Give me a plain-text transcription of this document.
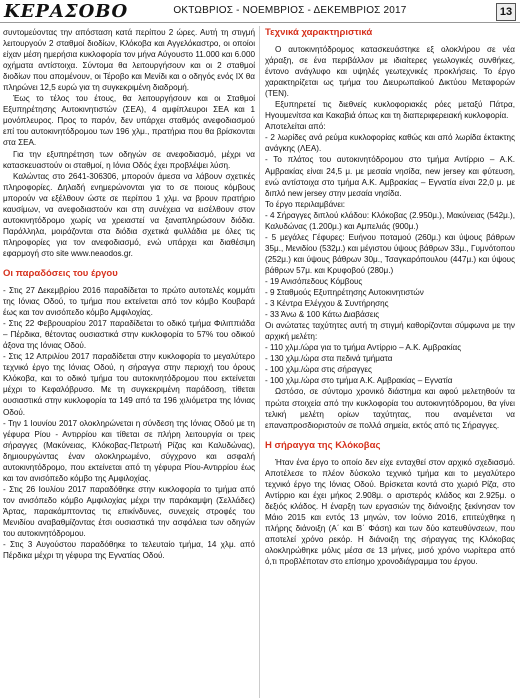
ΚΕΡΑΣΟΒΟ	ΟΚΤΩΒΡΙΟΣ - ΝΟΕΜΒΡΙΟΣ - ΔΕΚΕΜΒΡΙΟΣ 2017	13

συντομεύοντας την απόσταση κατά περίπου 2 ώρες. Αυτή τη στιγμή λειτουργούν 2 σταθμοί διοδίων, Κλόκοβα και Αγγελόκαστρο, οι οποίοι είχαν μέση ημερήσια κυκλοφορία τον μήνα Αύγουστο 11.000 και 6.000 οχήματα αντίστοιχα. Σύντομα θα λειτουργήσουν και οι 2 σταθμοί διοδίων που απομένουν, οι Τέροβο και Μενίδι και ο οδηγός ενός ΙΧ θα πληρώνει 12,5 ευρώ για τη συγκεκριμένη διαδρομή.

Έως το τέλος του έτους, θα λειτουργήσουν και οι Σταθμοί Εξυπηρέτησης Αυτοκινητιστών (ΣΕΑ), 4 αμφίπλευροι ΣΕΑ και 1 μονόπλευρος. Προς το παρόν, δεν υπάρχει σταθμός ανεφοδιασμού επί του αυτοκινητόδρομου των 196 χλμ., πρατήρια που θα βρίσκονται στα ΣΕΑ.

Για την εξυπηρέτηση των οδηγών σε ανεφοδιασμό, μέχρι να κατασκευαστούν οι σταθμοί, η Ιόνια Οδός έχει προβλέψει λύση.

Καλώντας στο 2641-306306, μπορούν άμεσα να λάβουν σχετικές πληροφορίες. Δηλαδή ενημερώνονται για το σε ποιους κόμβους μπορούν να εξέλθουν ώστε σε περίπου 1 χλμ. να βρουν πρατήριο καυσίμων, να ανεφοδιαστούν και στη συνέχεια να εισέλθουν στον αυτοκινητόδρομο χωρίς να χρειαστεί να ξαναπληρώσουν διόδια. Παράλληλα, μοιράζονται στα διόδια σχετικά φυλλάδια με όλες τις πληροφορίες για τον ανεφοδιασμό, ενώ υπάρχει και διαθέσιμη εφαρμογή στο site www.neaodos.gr.

Οι παραδόσεις του έργου

- Στις 27 Δεκεμβρίου 2016 παραδίδεται το πρώτο αυτοτελές κομμάτι της Ιόνιας Οδού, το τμήμα που εκτείνεται από τον κόμβο Κουβαρά έως και τον ανισόπεδο κόμβο Αμφιλοχίας.

- Στις 22 Φεβρουαρίου 2017 παραδίδεται το οδικό τμήμα Φιλιππιάδα – Πέρδικα, θέτοντας ουσιαστικά στην κυκλοφορία το 57% του οδικού άξονα της Ιόνιας Οδού.

- Στις 12 Απριλίου 2017 παραδίδεται στην κυκλοφορία το μεγαλύτερο τεχνικό έργο της Ιόνιας Οδού, η σήραγγα στην περιοχή του όρους Κλόκοβα, και το οδικό τμήμα του αυτοκινητόδρομου που εκτείνεται μέχρι το Κεφαλόβρυσο. Με τη συγκεκριμένη παράδοση, τίθεται ουσιαστικά στην κυκλοφορία τα 149 από τα 196 χιλιόμετρα της Ιόνιας Οδού.

- Την 1 Ιουνίου 2017 ολοκληρώνεται η σύνδεση της Ιόνιας Οδού με τη γέφυρα Ρίου - Αντιρρίου και τίθεται σε πλήρη λειτουργία οι τρεις σήραγγες (Μακύνειας, Κλόκοβας-Πετρωτή Ρίζας και Καλυδώνας), δημιουργώντας έναν ολοκληρωμένο, σύγχρονο και ασφαλή αυτοκινητόδρομο, που εκτείνεται από τη γέφυρα Ρίου-Αντιρρίου έως και τον ανισόπεδο κόμβο της Αμφιλοχίας.

- Στις 26 Ιουλίου 2017 παραδόθηκε στην κυκλοφορία το τμήμα από τον ανισόπεδο κόμβο Αμφιλοχίας μέχρι την παράκαμψη (Σελλάδες) Άρτας, παρακάμπτοντας τις επικίνδυνες, συνεχείς στροφές του Μενιδίου αναβαθμίζοντας έτσι ουσιαστικά την ασφάλεια των οδηγών του αυτοκινητόδρομου.

- Στις 3 Αυγούστου παραδόθηκε το τελευταίο τμήμα, 14 χλμ. από Πέρδικα μέχρι τη γέφυρα της Εγνατίας Οδού.

Τεχνικά χαρακτηριστικά

Ο αυτοκινητόδρομος κατασκευάστηκε εξ ολοκλήρου σε νέα χάραξη, σε ένα περιβάλλον με ιδιαίτερες γεωλογικές συνθήκες, έντονο ανάγλυφο και υψηλές γεωτεχνικές προκλήσεις. Το έργο χαρακτηρίζεται ως τμήμα του Διευρωπαϊκού Δικτύου Μεταφορών (ΤΕΝ).

Εξυπηρετεί τις διεθνείς κυκλοφοριακές ρόες μεταξύ Πάτρα, Ηγουμενίτσα και Κακαβιά όπως και τη διαπεριφερειακή κυκλοφορία.

Αποτελείται από:

- 2 λωρίδες ανά ρεύμα κυκλοφορίας καθώς και από λωρίδα έκτακτης ανάγκης (ΛΕΑ).

- Το πλάτος του αυτοκινητόδρομου στο τμήμα Αντίρριο – Α.Κ. Αμβρακίας είναι 24,5 μ. με μεσαία νησίδα, new jersey και φύτευση, ενώ αντίστοιχα στο τμήμα Α.Κ. Αμβρακίας – Εγνατία είναι 22,0 μ. με διπλό new jersey στην μεσαία νησίδα.

Το έργο περιλαμβάνει:

- 4 Σήραγγες διπλού κλάδου: Κλόκοβας (2.950μ.), Μακύνειας (542μ.), Καλυδώνας (1.200μ.) και Αμπελιάς (900μ.)

- 5 μεγάλες Γέφυρες: Ευήνου ποταμού (260μ.) και ύψους βάθρων 35μ., Μενιδίου (532μ.) και μέγιστου ύψους βάθρων 33μ., Γυμνότοπου (252μ.) και ύψους βάθρων 30μ., Τσαγκαρόπουλου (447μ.) και ύψους βάθρων 57μ. και Κρυφοβού (280μ.)

- 19 Ανισόπεδους Κόμβους

- 9 Σταθμούς Εξυπηρέτησης Αυτοκινητιστών

- 3 Κέντρα Ελέγχου & Συντήρησης

- 33 Άνω & 100 Κάτω Διαβάσεις

Οι ανώτατες ταχύτητες αυτή τη στιγμή καθορίζονται σύμφωνα με την αρχική μελέτη:

- 110 χλμ./ώρα για το τμήμα Αντίρριο – Α.Κ. Αμβρακίας

- 130 χλμ./ώρα στα πεδινά τμήματα

- 100 χλμ./ώρα στις σήραγγες

- 100 χλμ./ώρα στο τμήμα Α.Κ. Αμβρακίας – Εγνατία

Ωστόσο, σε σύντομο χρονικό διάστημα και αφού μελετηθούν τα πρώτα στοιχεία από την κυκλοφορία του αυτοκινητόδρομου, θα γίνει τελική μελέτη ορίων ταχύτητας, που αναμένεται να επαναπροσδιοριστούν σε πολλά σημεία, εκτός από τις Σήραγγες.

Η σήραγγα της Κλόκοβας

Ήταν ένα έργο το οποίο δεν είχε ενταχθεί στον αρχικό σχεδιασμό. Αποτέλεσε το πλέον δύσκολο τεχνικό τμήμα και το μεγαλύτερο τεχνικό έργο της Ιόνιας Οδού. Βρίσκεται κοντά στο χωριό Ρίζα, στο Αντίρριο και έχει μήκος 2.908μ. ο αριστερός κλάδος και 2.925μ. ο δεξιός κλάδος. Η έναρξη των εργασιών της διάνοιξης ξεκίνησαν τον Μάιο 2015 και εντός 13 μηνών, τον Ιούνιο 2016, επιτεύχθηκε η πλήρης διάνοιξη (Α΄ και Β΄ Φάση) και των δύο κατευθύνσεων, που αποτελεί χρόνο ρεκόρ. Η διάνοιξη της σήραγγας της Κλόκοβας ολοκληρώθηκε μόλις μέσα σε 13 μήνες, μισό χρόνο νωρίτερα από ό,τι προβλέποταν στο επίσημο χρονοδιάγραμμα του έργου.
